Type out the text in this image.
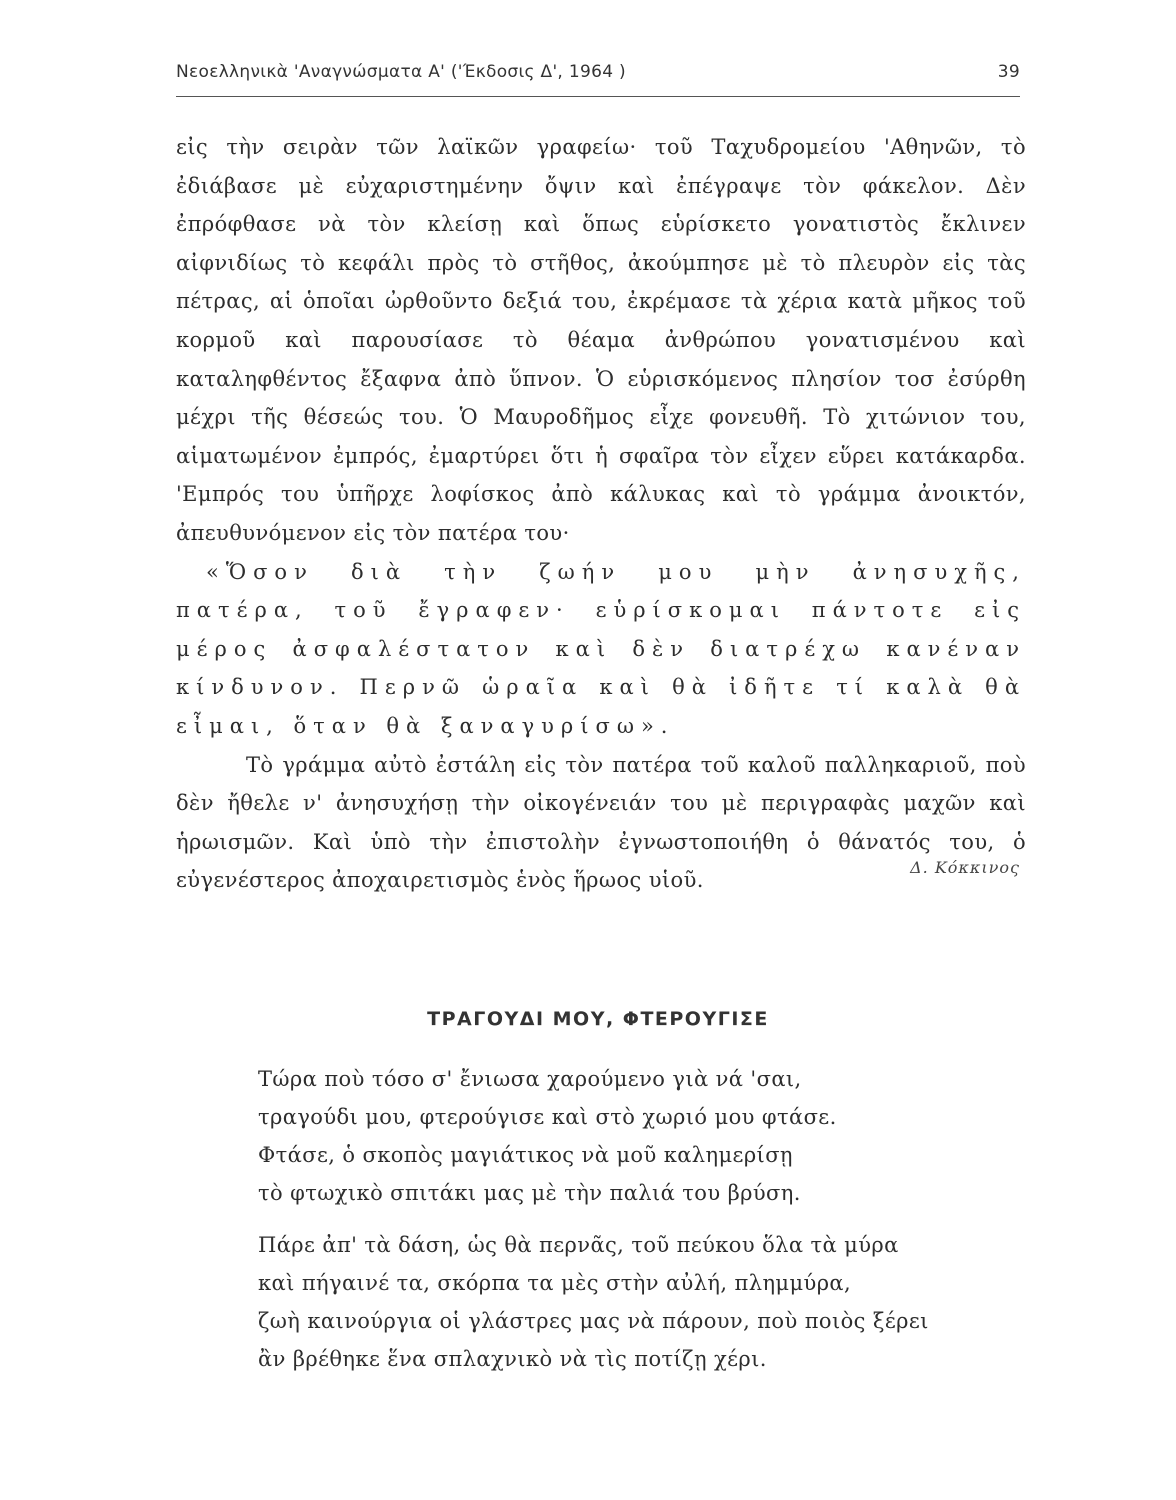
Νεοελληνικὰ 'Αναγνώσματα Α' ('Έκδοσις Δ', 1964 )	39

εἰς τὴν σειρὰν τῶν λαϊκῶν γραφείω· τοῦ Ταχυδρομείου 'Αθηνῶν, τὸ ἐδιάβασε μὲ εὐχαριστημένην ὄψιν καὶ ἐπέγραψε τὸν φάκελον. Δὲν ἐπρόφθασε νὰ τὸν κλείσῃ καὶ ὅπως εὑρίσκετο γονατιστὸς ἔκλινεν αἰφνιδίως τὸ κεφάλι πρὸς τὸ στῆθος, ἀκούμπησε μὲ τὸ πλευρὸν εἰς τὰς πέτρας, αἱ ὁποῖαι ὠρθοῦντο δεξιά του, ἐκρέμασε τὰ χέρια κατὰ μῆκος τοῦ κορμοῦ καὶ παρουσίασε τὸ θέαμα ἀνθρώπου γονατισμένου καὶ καταληφθέντος ἔξαφνα ἀπὸ ὕπνον. Ὁ εὑρισκόμενος πλησίον τοσ ἐσύρθη μέχρι τῆς θέσεώς του. Ὁ Μαυροδῆμος εἶχε φονευθῆ. Τὸ χιτώνιον του, αἱματωμένον ἐμπρός, ἐμαρτύρει ὅτι ἡ σφαῖρα τὸν εἶχεν εὕρει κατάκαρδα. 'Εμπρός του ὑπῆρχε λοφίσκος ἀπὸ κάλυκας καὶ τὸ γράμμα ἀνοικτόν, ἀπευθυνόμενον εἰς τὸν πατέρα του·

«Ὅσον διὰ τὴν ζωήν μου μὴν ἀνησυχῆς, πατέρα, τοῦ ἔγραφεν· εὑρίσκομαι πάντοτε εἰς μέρος ἀσφαλέστατον καὶ δὲν διατρέχω κανέναν κίνδυνον. Περνῶ ὡραῖα καὶ θὰ ἰδῆτε τί καλὰ θὰ εἶμαι, ὅταν θὰ ξαναγυρίσω».

Τὸ γράμμα αὐτὸ ἐστάλη εἰς τὸν πατέρα τοῦ καλοῦ παλληκαριοῦ, ποὺ δὲν ἤθελε ν' ἀνησυχήσῃ τὴν οἰκογένειάν του μὲ περιγραφὰς μαχῶν καὶ ἡρωισμῶν. Καὶ ὑπὸ τὴν ἐπιστολὴν ἐγνωστοποιήθη ὁ θάνατός του, ὁ εὐγενέστερος ἀποχαιρετισμὸς ἑνὸς ἥρωος υἱοῦ.

Δ. Κόκκινος
ΤΡΑΓΟΥΔΙ ΜΟΥ, ΦΤΕΡΟΥΓΙΣΕ
Τώρα ποὺ τόσο σ' ἔνιωσα χαρούμενο γιὰ νά 'σαι,
τραγούδι μου, φτερούγισε καὶ στὸ χωριό μου φτάσε.
Φτάσε, ὁ σκοπὸς μαγιάτικος νὰ μοῦ καλημερίσῃ
τὸ φτωχικὸ σπιτάκι μας μὲ τὴν παλιά του βρύση.
Πάρε ἀπ' τὰ δάση, ὡς θὰ περνᾶς, τοῦ πεύκου ὅλα τὰ μύρα
καὶ πήγαινέ τα, σκόρπα τα μὲς στὴν αὐλή, πλημμύρα,
ζωὴ καινούργια οἱ γλάστρες μας νὰ πάρουν, ποὺ ποιὸς ξέρει
ἂν βρέθηκε ἕνα σπλαχνικὸ νὰ τὶς ποτίζῃ χέρι.
